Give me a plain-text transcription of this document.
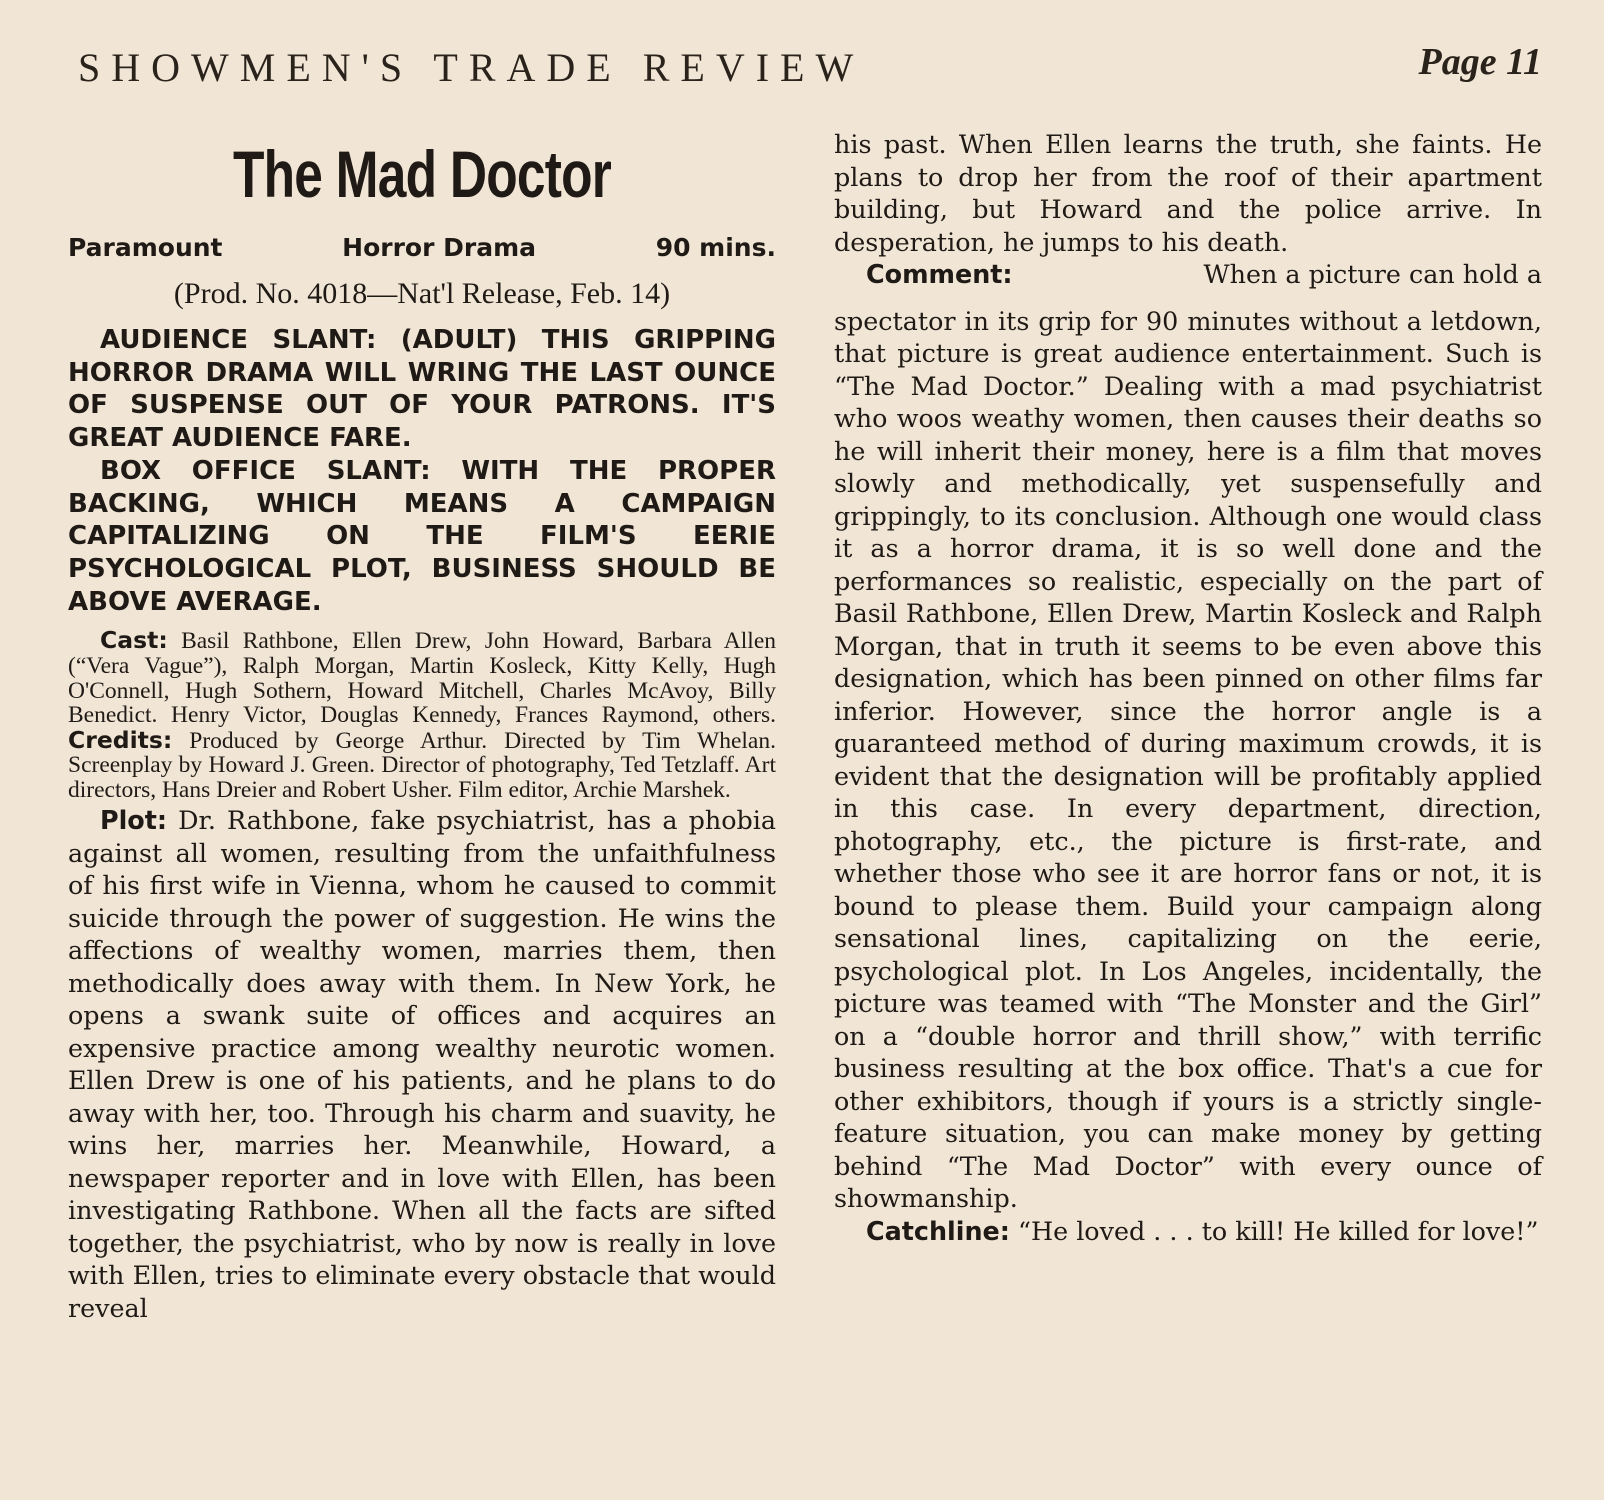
SHOWMEN'S TRADE REVIEW	Page 11
The Mad Doctor
Paramount	Horror Drama	90 mins.
(Prod. No. 4018—Nat'l Release, Feb. 14)

AUDIENCE SLANT: (ADULT) THIS GRIPPING HORROR DRAMA WILL WRING THE LAST OUNCE OF SUSPENSE OUT OF YOUR PATRONS. IT'S GREAT AUDIENCE FARE.

BOX OFFICE SLANT: WITH THE PROPER BACKING, WHICH MEANS A CAMPAIGN CAPITALIZING ON THE FILM'S EERIE PSYCHOLOGICAL PLOT, BUSINESS SHOULD BE ABOVE AVERAGE.

Cast: Basil Rathbone, Ellen Drew, John Howard, Barbara Allen (“Vera Vague”), Ralph Morgan, Martin Kosleck, Kitty Kelly, Hugh O'Connell, Hugh Sothern, Howard Mitchell, Charles McAvoy, Billy Benedict. Henry Victor, Douglas Kennedy, Frances Raymond, others. Credits: Produced by George Arthur. Directed by Tim Whelan. Screenplay by Howard J. Green. Director of photography, Ted Tetzlaff. Art directors, Hans Dreier and Robert Usher. Film editor, Archie Marshek.

Plot: Dr. Rathbone, fake psychiatrist, has a phobia against all women, resulting from the unfaithfulness of his first wife in Vienna, whom he caused to commit suicide through the power of suggestion. He wins the affections of wealthy women, marries them, then methodically does away with them. In New York, he opens a swank suite of offices and acquires an expensive practice among wealthy neurotic women. Ellen Drew is one of his patients, and he plans to do away with her, too. Through his charm and suavity, he wins her, marries her. Meanwhile, Howard, a newspaper reporter and in love with Ellen, has been investigating Rathbone. When all the facts are sifted together, the psychiatrist, who by now is really in love with Ellen, tries to eliminate every obstacle that would reveal

his past. When Ellen learns the truth, she faints. He plans to drop her from the roof of their apartment building, but Howard and the police arrive. In desperation, he jumps to his death.

Comment:	When a picture can hold a

spectator in its grip for 90 minutes without a letdown, that picture is great audience entertainment. Such is “The Mad Doctor.” Dealing with a mad psychiatrist who woos weathy women, then causes their deaths so he will inherit their money, here is a film that moves slowly and methodically, yet suspensefully and grippingly, to its conclusion. Although one would class it as a horror drama, it is so well done and the performances so realistic, especially on the part of Basil Rathbone, Ellen Drew, Martin Kosleck and Ralph Morgan, that in truth it seems to be even above this designation, which has been pinned on other films far inferior. However, since the horror angle is a guaranteed method of during maximum crowds, it is evident that the designation will be profitably applied in this case. In every department, direction, photography, etc., the picture is first-rate, and whether those who see it are horror fans or not, it is bound to please them. Build your campaign along sensational lines, capitalizing on the eerie, psychological plot. In Los Angeles, incidentally, the picture was teamed with “The Monster and the Girl” on a “double horror and thrill show,” with terrific business resulting at the box office. That's a cue for other exhibitors, though if yours is a strictly single-feature situation, you can make money by getting behind “The Mad Doctor” with every ounce of showmanship.

Catchline: “He loved . . . to kill! He killed for love!”
